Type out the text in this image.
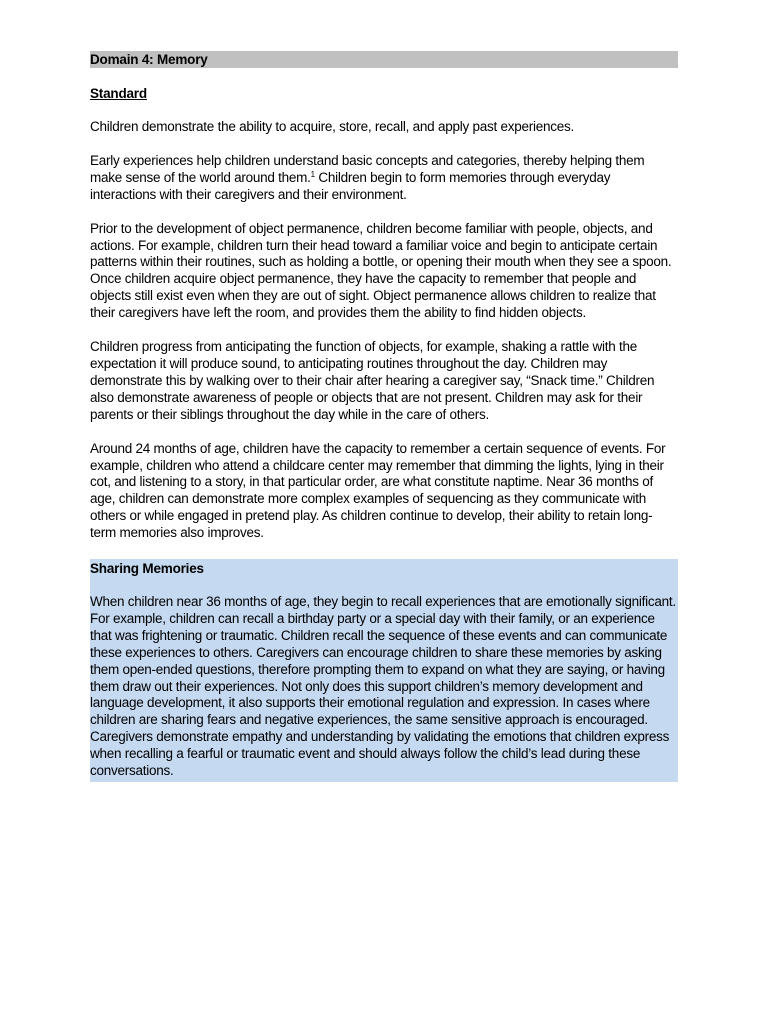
Domain 4: Memory
Standard

Children demonstrate the ability to acquire, store, recall, and apply past experiences.

Early experiences help children understand basic concepts and categories, thereby helping them make sense of the world around them.$^1$ Children begin to form memories through everyday interactions with their caregivers and their environment.

Prior to the development of object permanence, children become familiar with people, objects, and actions. For example, children turn their head toward a familiar voice and begin to anticipate certain patterns within their routines, such as holding a bottle, or opening their mouth when they see a spoon. Once children acquire object permanence, they have the capacity to remember that people and objects still exist even when they are out of sight. Object permanence allows children to realize that their caregivers have left the room, and provides them the ability to find hidden objects.

Children progress from anticipating the function of objects, for example, shaking a rattle with the expectation it will produce sound, to anticipating routines throughout the day. Children may demonstrate this by walking over to their chair after hearing a caregiver say, “Snack time.” Children also demonstrate awareness of people or objects that are not present. Children may ask for their parents or their siblings throughout the day while in the care of others.

Around 24 months of age, children have the capacity to remember a certain sequence of events. For example, children who attend a childcare center may remember that dimming the lights, lying in their cot, and listening to a story, in that particular order, are what constitute naptime. Near 36 months of age, children can demonstrate more complex examples of sequencing as they communicate with others or while engaged in pretend play. As children continue to develop, their ability to retain long-term memories also improves.

Sharing Memories

When children near 36 months of age, they begin to recall experiences that are emotionally significant. For example, children can recall a birthday party or a special day with their family, or an experience that was frightening or traumatic. Children recall the sequence of these events and can communicate these experiences to others. Caregivers can encourage children to share these memories by asking them open-ended questions, therefore prompting them to expand on what they are saying, or having them draw out their experiences. Not only does this support children’s memory development and language development, it also supports their emotional regulation and expression. In cases where children are sharing fears and negative experiences, the same sensitive approach is encouraged. Caregivers demonstrate empathy and understanding by validating the emotions that children express when recalling a fearful or traumatic event and should always follow the child’s lead during these conversations.
